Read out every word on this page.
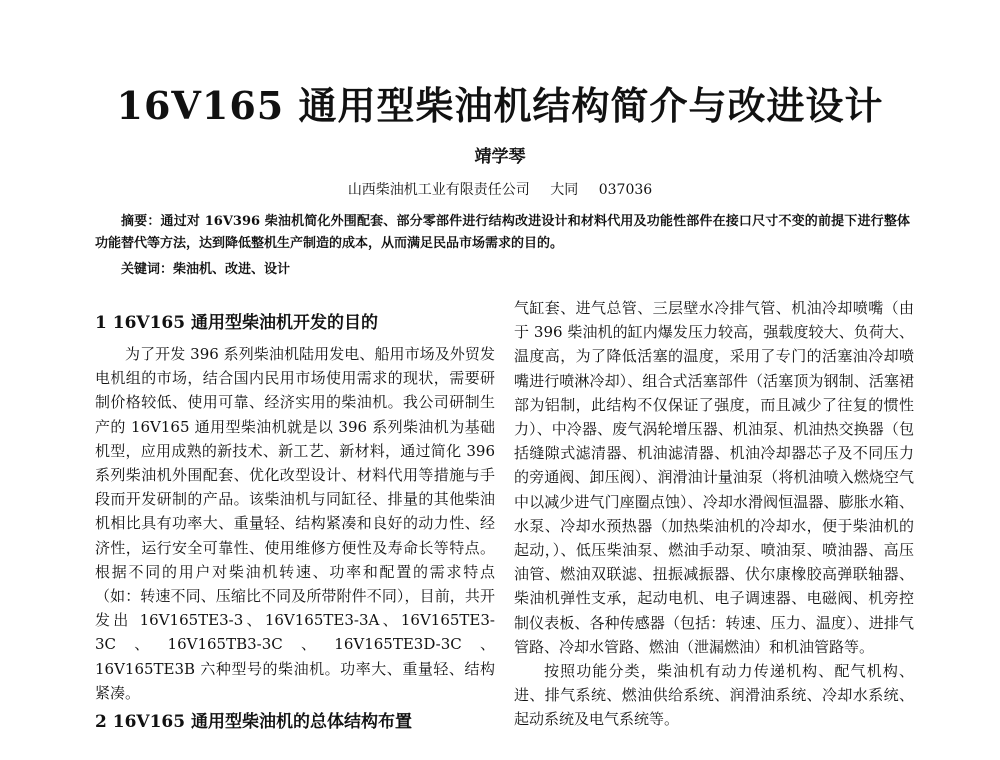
16V165 通用型柴油机结构简介与改进设计
靖学琴
山西柴油机工业有限责任公司 大同 037036

摘要：通过对 16V396 柴油机简化外围配套、部分零部件进行结构改进设计和材料代用及功能性部件在接口尺寸不变的前提下进行整体功能替代等方法，达到降低整机生产制造的成本，从而满足民品市场需求的目的。

关键词：柴油机、改进、设计

1 16V165 通用型柴油机开发的目的

为了开发 396 系列柴油机陆用发电、船用市场及外贸发电机组的市场，结合国内民用市场使用需求的现状，需要研制价格较低、使用可靠、经济实用的柴油机。我公司研制生产的 16V165 通用型柴油机就是以 396 系列柴油机为基础机型，应用成熟的新技术、新工艺、新材料，通过简化 396 系列柴油机外围配套、优化改型设计、材料代用等措施与手段而开发研制的产品。该柴油机与同缸径、排量的其他柴油机相比具有功率大、重量轻、结构紧凑和良好的动力性、经济性，运行安全可靠性、使用维修方便性及寿命长等特点。根据不同的用户对柴油机转速、功率和配置的需求特点（如：转速不同、压缩比不同及所带附件不同），目前，共开发出 16V165TE3-3、16V165TE3-3A、16V165TE3-3C、16V165TB3-3C、16V165TE3D-3C、16V165TE3B 六种型号的柴油机。功率大、重量轻、结构紧凑。

2 16V165 通用型柴油机的总体结构布置

气缸套、进气总管、三层壁水冷排气管、机油冷却喷嘴（由于 396 柴油机的缸内爆发压力较高，强载度较大、负荷大、温度高，为了降低活塞的温度，采用了专门的活塞油冷却喷嘴进行喷淋冷却）、组合式活塞部件（活塞顶为钢制、活塞裙部为铝制，此结构不仅保证了强度，而且减少了往复的惯性力）、中冷器、废气涡轮增压器、机油泵、机油热交换器（包括缝隙式滤清器、机油滤清器、机油冷却器芯子及不同压力的旁通阀、卸压阀）、润滑油计量油泵（将机油喷入燃烧空气中以减少进气门座圈点蚀）、冷却水滑阀恒温器、膨胀水箱、水泵、冷却水预热器（加热柴油机的冷却水，便于柴油机的起动，）、低压柴油泵、燃油手动泵、喷油泵、喷油器、高压油管、燃油双联滤、扭振减振器、伏尔康橡胶高弹联轴器、柴油机弹性支承，起动电机、电子调速器、电磁阀、机旁控制仪表板、各种传感器（包括：转速、压力、温度）、进排气管路、冷却水管路、燃油（泄漏燃油）和机油管路等。

按照功能分类，柴油机有动力传递机构、配气机构、进、排气系统、燃油供给系统、润滑油系统、冷却水系统、起动系统及电气系统等。
